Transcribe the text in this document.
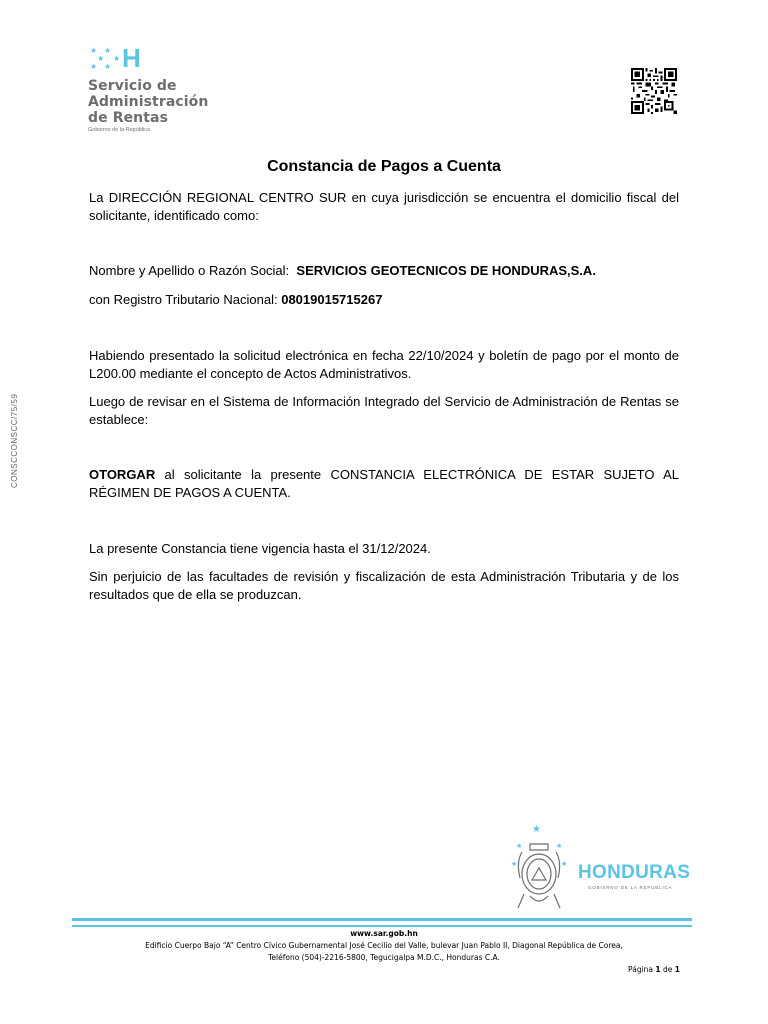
★ ★
★
★ ★
★ H
Servicio de
Administración
de Rentas
Gobierno de la República
CONSCCONSCC/75/59
Constancia de Pagos a Cuenta

La DIRECCIÓN REGIONAL CENTRO SUR en cuya jurisdicción se encuentra el domicilio fiscal del solicitante, identificado como:

Nombre y Apellido o Razón Social: SERVICIOS GEOTECNICOS DE HONDURAS,S.A.

con Registro Tributario Nacional: 08019015715267

Habiendo presentado la solicitud electrónica en fecha 22/10/2024 y boletín de pago por el monto de L200.00 mediante el concepto de Actos Administrativos.

Luego de revisar en el Sistema de Información Integrado del Servicio de Administración de Rentas se establece:

OTORGAR al solicitante la presente CONSTANCIA ELECTRÓNICA DE ESTAR SUJETO AL RÉGIMEN DE PAGOS A CUENTA.

La presente Constancia tiene vigencia hasta el 31/12/2024.

Sin perjuicio de las facultades de revisión y fiscalización de esta Administración Tributaria y de los resultados que de ella se produzcan.

★
★	★
★	★ HONDURAS
GOBIERNO DE LA REPÚBLICA
www.sar.gob.hn
Edificio Cuerpo Bajo “A” Centro Cívico Gubernamental José Cecilio del Valle, bulevar Juan Pablo II, Diagonal República de Corea,
Teléfono (504)-2216-5800, Tegucigalpa M.D.C., Honduras C.A.
Página 1 de 1
